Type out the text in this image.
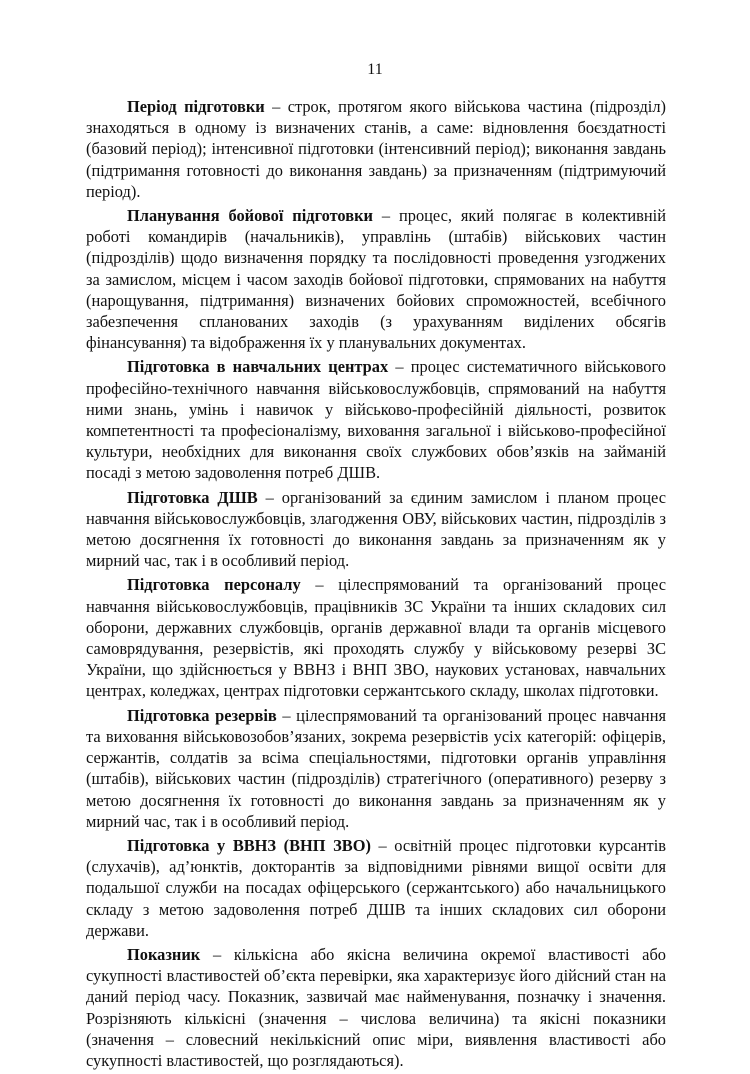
11

Період підготовки – строк, протягом якого військова частина (підрозділ) знаходяться в одному із визначених станів, а саме: відновлення боєздатності (базовий період); інтенсивної підготовки (інтенсивний період); виконання завдань (підтримання готовності до виконання завдань) за призначенням (підтримуючий період).

Планування бойової підготовки – процес, який полягає в колективній роботі командирів (начальників), управлінь (штабів) військових частин (підрозділів) щодо визначення порядку та послідовності проведення узгоджених за замислом, місцем і часом заходів бойової підготовки, спрямованих на набуття (нарощування, підтримання) визначених бойових спроможностей, всебічного забезпечення спланованих заходів (з урахуванням виділених обсягів фінансування) та відображення їх у планувальних документах.

Підготовка в навчальних центрах – процес систематичного військового професійно-технічного навчання військовослужбовців, спрямований на набуття ними знань, умінь і навичок у військово-професійній діяльності, розвиток компетентності та професіоналізму, виховання загальної і військово-професійної культури, необхідних для виконання своїх службових обов’язків на займаній посаді з метою задоволення потреб ДШВ.

Підготовка ДШВ – організований за єдиним замислом і планом процес навчання військовослужбовців, злагодження ОВУ, військових частин, підрозділів з метою досягнення їх готовності до виконання завдань за призначенням як у мирний час, так і в особливий період.

Підготовка персоналу – цілеспрямований та організований процес навчання військовослужбовців, працівників ЗС України та інших складових сил оборони, державних службовців, органів державної влади та органів місцевого самоврядування, резервістів, які проходять службу у військовому резерві ЗС України, що здійснюється у ВВНЗ і ВНП ЗВО, наукових установах, навчальних центрах, коледжах, центрах підготовки сержантського складу, школах підготовки.

Підготовка резервів – цілеспрямований та організований процес навчання та виховання військовозобов’язаних, зокрема резервістів усіх категорій: офіцерів, сержантів, солдатів за всіма спеціальностями, підготовки органів управління (штабів), військових частин (підрозділів) стратегічного (оперативного) резерву з метою досягнення їх готовності до виконання завдань за призначенням як у мирний час, так і в особливий період.

Підготовка у ВВНЗ (ВНП ЗВО) – освітній процес підготовки курсантів (слухачів), ад’юнктів, докторантів за відповідними рівнями вищої освіти для подальшої служби на посадах офіцерського (сержантського) або начальницького складу з метою задоволення потреб ДШВ та інших складових сил оборони держави.

Показник – кількісна або якісна величина окремої властивості або сукупності властивостей об’єкта перевірки, яка характеризує його дійсний стан на даний період часу. Показник, зазвичай має найменування, позначку і значення. Розрізняють кількісні (значення – числова величина) та якісні показники (значення – словесний некількісний опис міри, виявлення властивості або сукупності властивостей, що розглядаються).
